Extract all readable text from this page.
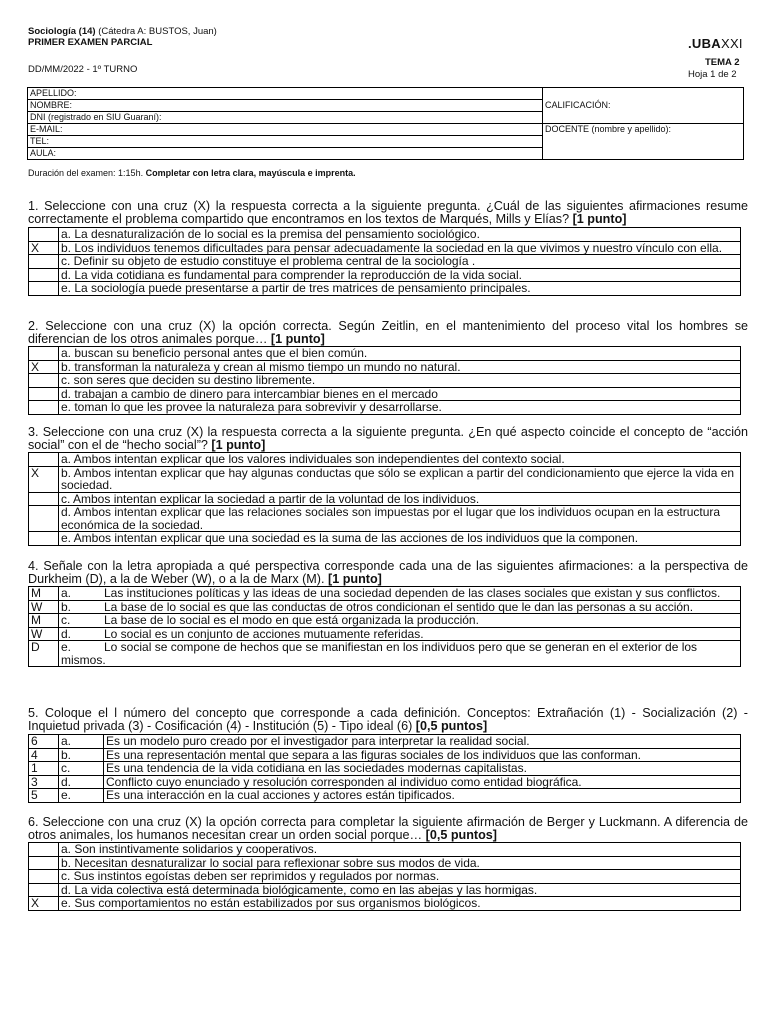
Sociología (14) (Cátedra A: BUSTOS, Juan)
PRIMER EXAMEN PARCIAL
DD/MM/2022 - 1º TURNO
.UBAXXI
TEMA 2
Hoja 1 de 2
APELLIDO:	CALIFICACIÓN:
NOMBRE:	
DNI (registrado en SIU Guaraní):	
E-MAIL:	DOCENTE (nombre y apellido):
TEL:	
AULA:	
Duración del examen: 1:15h. Completar con letra clara, mayúscula e imprenta.
1. Seleccione con una cruz (X) la respuesta correcta a la siguiente pregunta. ¿Cuál de las siguientes afirmaciones resume correctamente el problema compartido que encontramos en los textos de Marqués, Mills y Elías? [1 punto]
	a. La desnaturalización de lo social es la premisa del pensamiento sociológico.
X	b. Los individuos tenemos dificultades para pensar adecuadamente la sociedad en la que vivimos y nuestro vínculo con ella.
	c. Definir su objeto de estudio constituye el problema central de la sociología .
	d. La vida cotidiana es fundamental para comprender la reproducción de la vida social.
	e. La sociología puede presentarse a partir de tres matrices de pensamiento principales.
2. Seleccione con una cruz (X) la opción correcta. Según Zeitlin, en el mantenimiento del proceso vital los hombres se diferencian de los otros animales porque… [1 punto]
	a. buscan su beneficio personal antes que el bien común.
X	b. transforman la naturaleza y crean al mismo tiempo un mundo no natural.
	c. son seres que deciden su destino libremente.
	d. trabajan a cambio de dinero para intercambiar bienes en el mercado
	e. toman lo que les provee la naturaleza para sobrevivir y desarrollarse.
3. Seleccione con una cruz (X) la respuesta correcta a la siguiente pregunta. ¿En qué aspecto coincide el concepto de “acción social” con el de “hecho social”? [1 punto]
	a. Ambos intentan explicar que los valores individuales son independientes del contexto social.
X	b. Ambos intentan explicar que hay algunas conductas que sólo se explican a partir del condicionamiento que ejerce la vida en sociedad.
	c. Ambos intentan explicar la sociedad a partir de la voluntad de los individuos.
	d. Ambos intentan explicar que las relaciones sociales son impuestas por el lugar que los individuos ocupan en la estructura económica de la sociedad.
	e. Ambos intentan explicar que una sociedad es la suma de las acciones de los individuos que la componen.
4. Señale con la letra apropiada a qué perspectiva corresponde cada una de las siguientes afirmaciones: a la perspectiva de Durkheim (D), a la de Weber (W), o a la de Marx (M). [1 punto]
M	a. Las instituciones políticas y las ideas de una sociedad dependen de las clases sociales que existan y sus conflictos.
W	b. La base de lo social es que las conductas de otros condicionan el sentido que le dan las personas a su acción.
M	c. La base de lo social es el modo en que está organizada la producción.
W	d. Lo social es un conjunto de acciones mutuamente referidas.
D	e. Lo social se compone de hechos que se manifiestan en los individuos pero que se generan en el exterior de los mismos.
5. Coloque el l número del concepto que corresponde a cada definición. Conceptos: Extrañación (1) - Socialización (2) - Inquietud privada (3) - Cosificación (4) - Institución (5) - Tipo ideal (6) [0,5 puntos]
6	a.	Es un modelo puro creado por el investigador para interpretar la realidad social.
4	b.	Es una representación mental que separa a las figuras sociales de los individuos que las conforman.
1	c.	Es una tendencia de la vida cotidiana en las sociedades modernas capitalistas.
3	d.	Conflicto cuyo enunciado y resolución corresponden al individuo como entidad biográfica.
5	e.	Es una interacción en la cual acciones y actores están tipificados.
6. Seleccione con una cruz (X) la opción correcta para completar la siguiente afirmación de Berger y Luckmann. A diferencia de otros animales, los humanos necesitan crear un orden social porque… [0,5 puntos]
	a. Son instintivamente solidarios y cooperativos.
	b. Necesitan desnaturalizar lo social para reflexionar sobre sus modos de vida.
	c. Sus instintos egoístas deben ser reprimidos y regulados por normas.
	d. La vida colectiva está determinada biológicamente, como en las abejas y las hormigas.
X	e. Sus comportamientos no están estabilizados por sus organismos biológicos.
